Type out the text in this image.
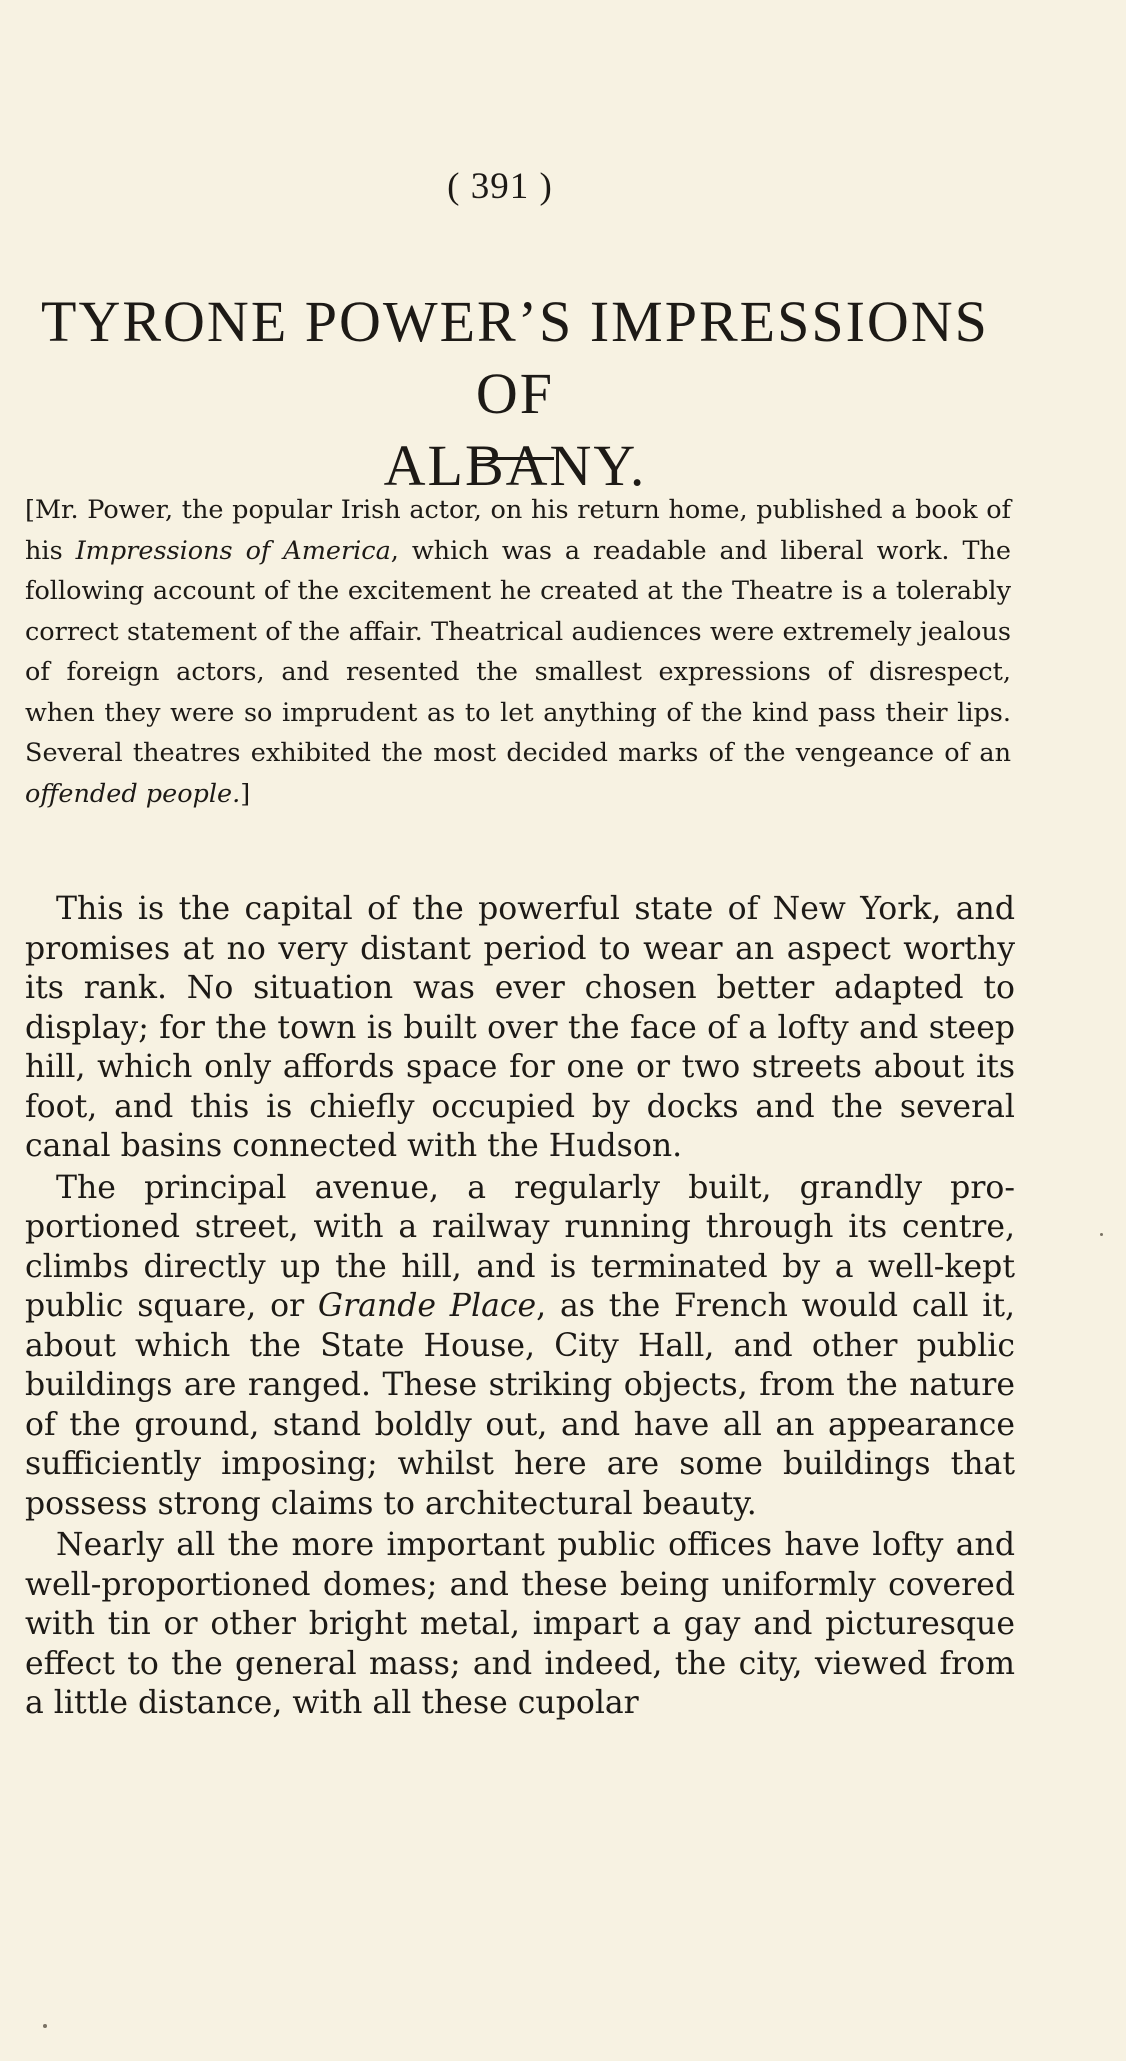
( 391 )
TYRONE POWER’S IMPRESSIONS OF
ALBANY.

[Mr. Power, the popular Irish actor, on his return home, published a book of his Impressions of America, which was a readable and liberal work. The following account of the excitement he created at the Theatre is a tolerably correct statement of the affair. Theatrical audiences were extremely jealous of foreign actors, and resented the smallest expressions of disrespect, when they were so imprudent as to let anything of the kind pass their lips. Several theatres exhibited the most decided marks of the vengeance of an offended people.]

This is the capital of the powerful state of New York, and promises at no very distant period to wear an aspect worthy its rank. No situation was ever chosen better adapted to display; for the town is built over the face of a lofty and steep hill, which only affords space for one or two streets about its foot, and this is chiefly occupied by docks and the several canal basins connected with the Hudson.

The principal avenue, a regularly built, grandly pro-portioned street, with a railway running through its centre, climbs directly up the hill, and is terminated by a well-kept public square, or Grande Place, as the French would call it, about which the State House, City Hall, and other public buildings are ranged. These striking objects, from the nature of the ground, stand boldly out, and have all an appearance sufficiently imposing; whilst here are some buildings that possess strong claims to architectural beauty.

Nearly all the more important public offices have lofty and well-proportioned domes; and these being uniformly covered with tin or other bright metal, impart a gay and picturesque effect to the general mass; and indeed, the city, viewed from a little distance, with all these cupolar
